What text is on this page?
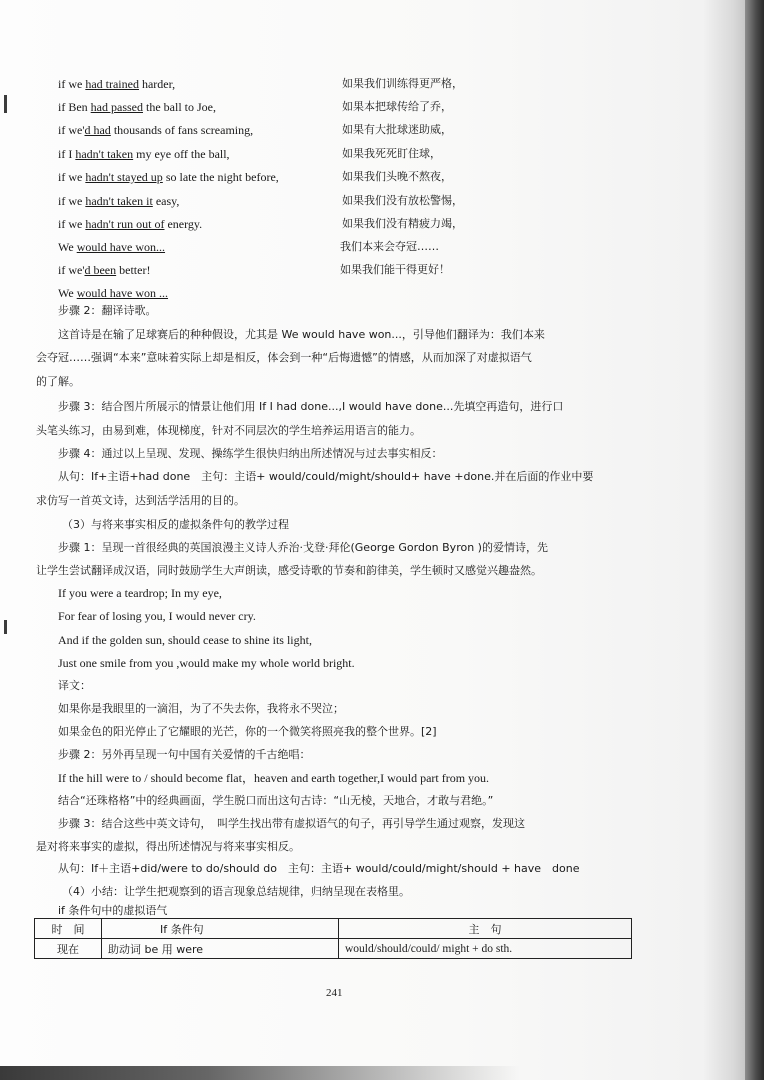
if we had trained harder,	如果我们训练得更严格，
if Ben had passed the ball to Joe,	如果本把球传给了乔，
if we'd had thousands of fans screaming,	如果有大批球迷助威，
if I hadn't taken my eye off the ball,	如果我死死盯住球，
if we hadn't stayed up so late the night before,	如果我们头晚不熬夜，
if we hadn't taken it easy,	如果我们没有放松警惕，
if we hadn't run out of energy.	如果我们没有精疲力竭，
We would have won...	我们本来会夺冠……
if we'd been better!	如果我们能干得更好！
We would have won ...
步骤 2：翻译诗歌。
这首诗是在输了足球赛后的种种假设，尤其是 We would have won...，引导他们翻译为：我们本来
会夺冠……强调“本来”意味着实际上却是相反，体会到一种“后悔遗憾”的情感，从而加深了对虚拟语气
的了解。
步骤 3：结合图片所展示的情景让他们用 If I had done...,I would have done...先填空再造句，进行口
头笔头练习，由易到难，体现梯度，针对不同层次的学生培养运用语言的能力。
步骤 4：通过以上呈现、发现、操练学生很快归纳出所述情况与过去事实相反：
从句：If+主语+had done　主句：主语+ would/could/might/should+ have +done.并在后面的作业中要
求仿写一首英文诗，达到活学活用的目的。
（3）与将来事实相反的虚拟条件句的教学过程
步骤 1：呈现一首很经典的英国浪漫主义诗人乔治·戈登·拜伦(George Gordon Byron )的爱情诗，先
让学生尝试翻译成汉语，同时鼓励学生大声朗读，感受诗歌的节奏和韵律美，学生顿时又感觉兴趣盎然。
If you were a teardrop; In my eye,
For fear of losing you, I would never cry.
And if the golden sun, should cease to shine its light,
Just one smile from you ,would make my whole world bright.
译文：
如果你是我眼里的一滴泪，为了不失去你，我将永不哭泣；
如果金色的阳光停止了它耀眼的光芒，你的一个微笑将照亮我的整个世界。[2]
步骤 2：另外再呈现一句中国有关爱情的千古绝唱：
If the hill were to / should become flat，heaven and earth together,I would part from you.
结合“还珠格格”中的经典画面，学生脱口而出这句古诗：“山无棱，天地合，才敢与君绝。”
步骤 3：结合这些中英文诗句，　叫学生找出带有虚拟语气的句子，再引导学生通过观察，发现这
是对将来事实的虚拟，得出所述情况与将来事实相反。
从句：If＋主语+did/were to do/should do　主句：主语+ would/could/might/should + have　done
（4）小结：让学生把观察到的语言现象总结规律，归纳呈现在表格里。
if 条件句中的虚拟语气
时　间	If 条件句	主　句
现在	助动词 be 用 were	would/should/could/ might + do sth.
241
